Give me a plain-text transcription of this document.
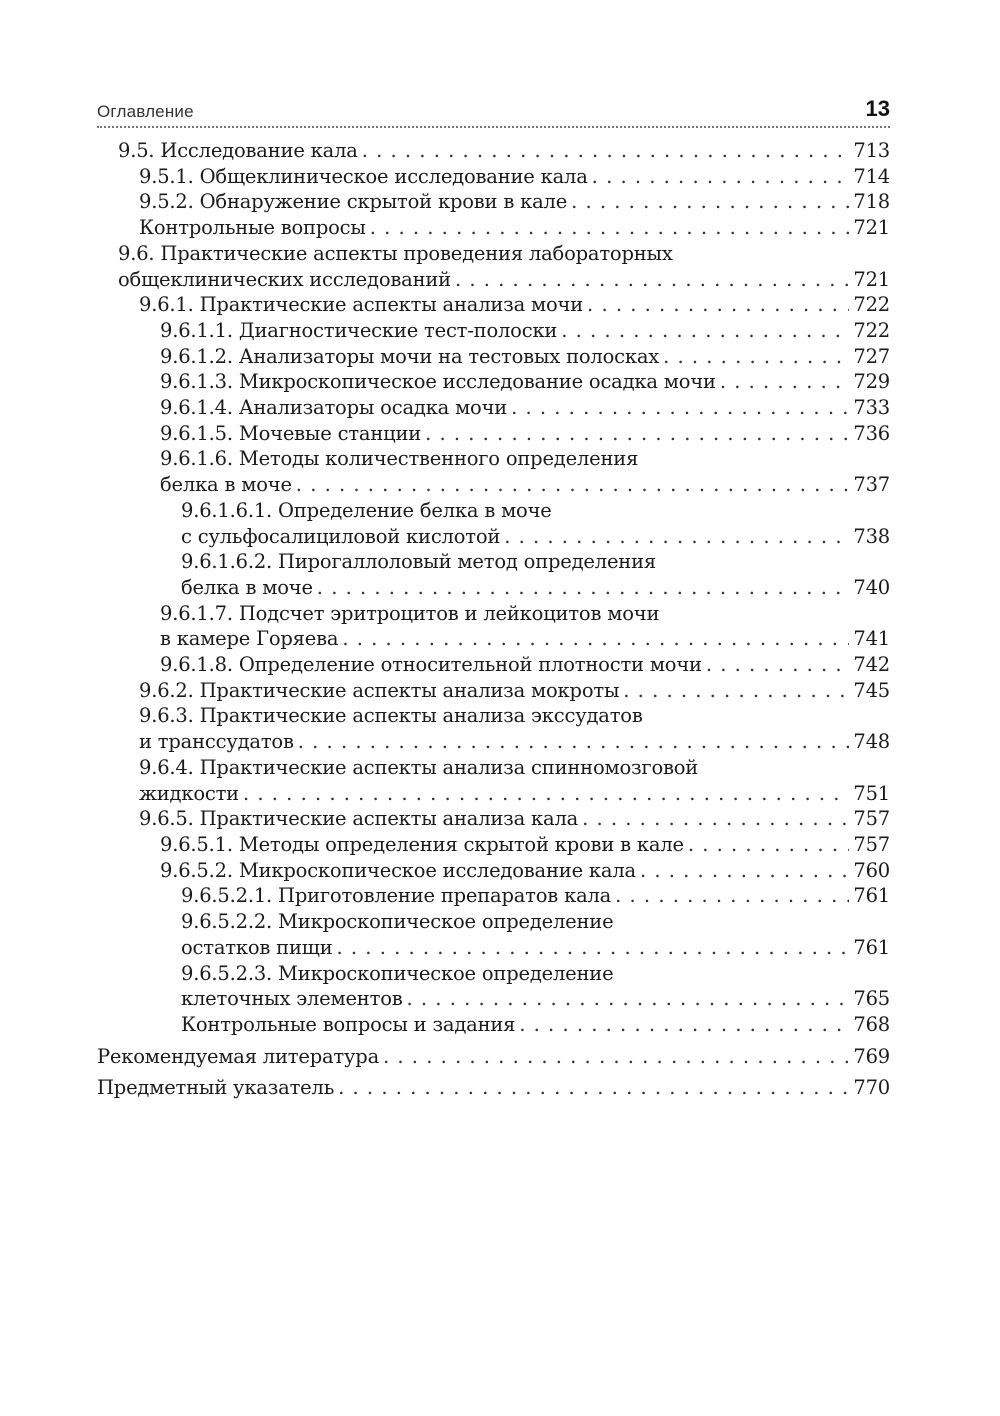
Оглавление	13
9.5. Исследование кала . . .	713
9.5.1. Общеклиническое исследование кала . . .	714
9.5.2. Обнаружение скрытой крови в кале . . .	718
Контрольные вопросы . . .	721
9.6. Практические аспекты проведения лабораторных
общеклинических исследований . . .	721
9.6.1. Практические аспекты анализа мочи . . .	722
9.6.1.1. Диагностические тест-полоски . . .	722
9.6.1.2. Анализаторы мочи на тестовых полосках . . .	727
9.6.1.3. Микроскопическое исследование осадка мочи . . .	729
9.6.1.4. Анализаторы осадка мочи . . .	733
9.6.1.5. Мочевые станции . . .	736
9.6.1.6. Методы количественного определения
белка в моче . . .	737
9.6.1.6.1. Определение белка в моче
с сульфосалициловой кислотой . . .	738
9.6.1.6.2. Пирогаллоловый метод определения
белка в моче . . .	740
9.6.1.7. Подсчет эритроцитов и лейкоцитов мочи
в камере Горяева . . .	741
9.6.1.8. Определение относительной плотности мочи . . .	742
9.6.2. Практические аспекты анализа мокроты . . .	745
9.6.3. Практические аспекты анализа экссудатов
и транссудатов . . .	748
9.6.4. Практические аспекты анализа спинномозговой
жидкости . . .	751
9.6.5. Практические аспекты анализа кала . . .	757
9.6.5.1. Методы определения скрытой крови в кале . . .	757
9.6.5.2. Микроскопическое исследование кала . . .	760
9.6.5.2.1. Приготовление препаратов кала . . .	761
9.6.5.2.2. Микроскопическое определение
остатков пищи . . .	761
9.6.5.2.3. Микроскопическое определение
клеточных элементов . . .	765
Контрольные вопросы и задания . . .	768
Рекомендуемая литература . . .	769
Предметный указатель . . .	770
